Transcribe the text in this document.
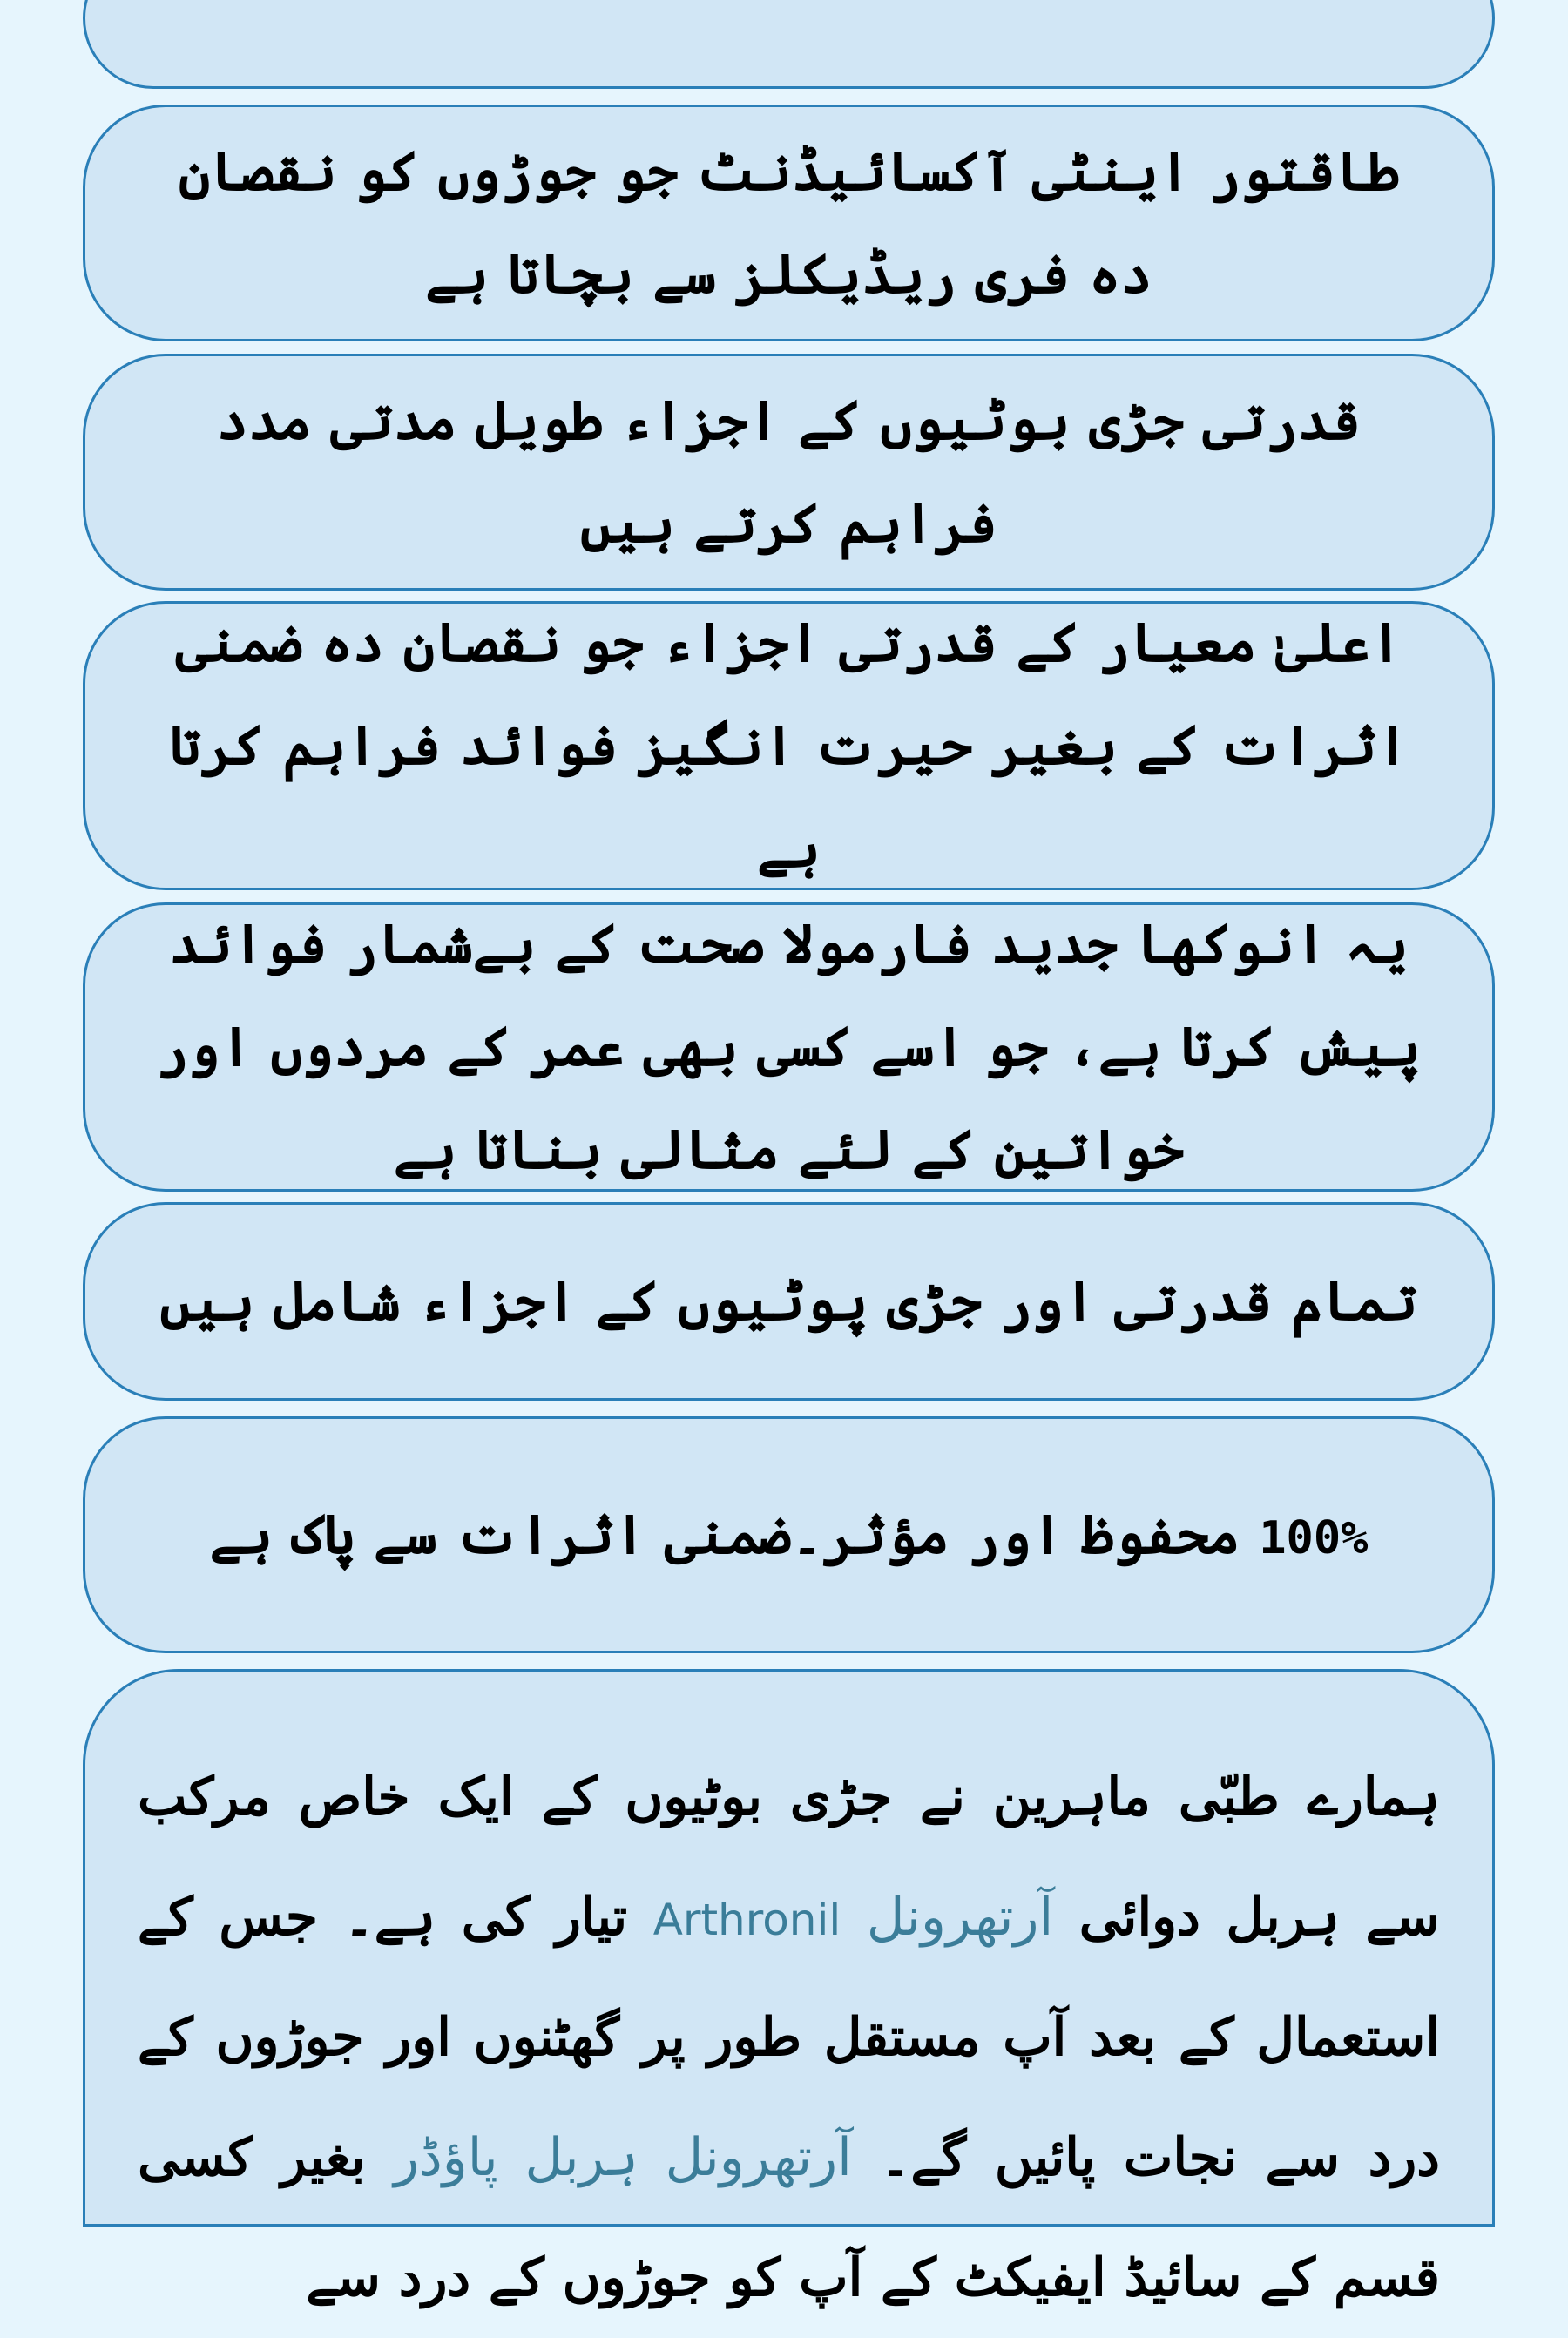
طاقتور اینٹی آکسائیڈنٹ جو جوڑوں کو نقصان دہ فری ریڈیکلز سے بچاتا ہے

قدرتی جڑی بوٹیوں کے اجزاء طویل مدتی مدد فراہم کرتے ہیں

اعلیٰ معیار کے قدرتی اجزاء جو نقصان دہ ضمنی اثرات کے بغیر حیرت انگیز فوائد فراہم کرتا ہے

یہ انوکھا جدید فارمولا صحت کے بےشمار فوائد پیش کرتا ہے، جو اسے کسی بھی عمر کے مردوں اور خواتین کے لئے مثالی بناتا ہے

تمام قدرتی اور جڑی پوٹیوں کے اجزاء شامل ہیں

100% محفوظ اور مؤثر۔ضمنی اثرات سے پاک ہے

ہمارے طبّی ماہرین نے جڑی بوٹیوں کے ایک خاص مرکب سے ہربل دوائی آرتھرونل Arthronil تیار کی ہے۔ جس کے استعمال کے بعد آپ مستقل طور پر گھٹنوں اور جوڑوں کے درد سے نجات پائیں گے۔ آرتھرونل ہربل پاؤڈر بغیر کسی قسم کے سائیڈ ایفیکٹ کے آپ کو جوڑوں کے درد سے
